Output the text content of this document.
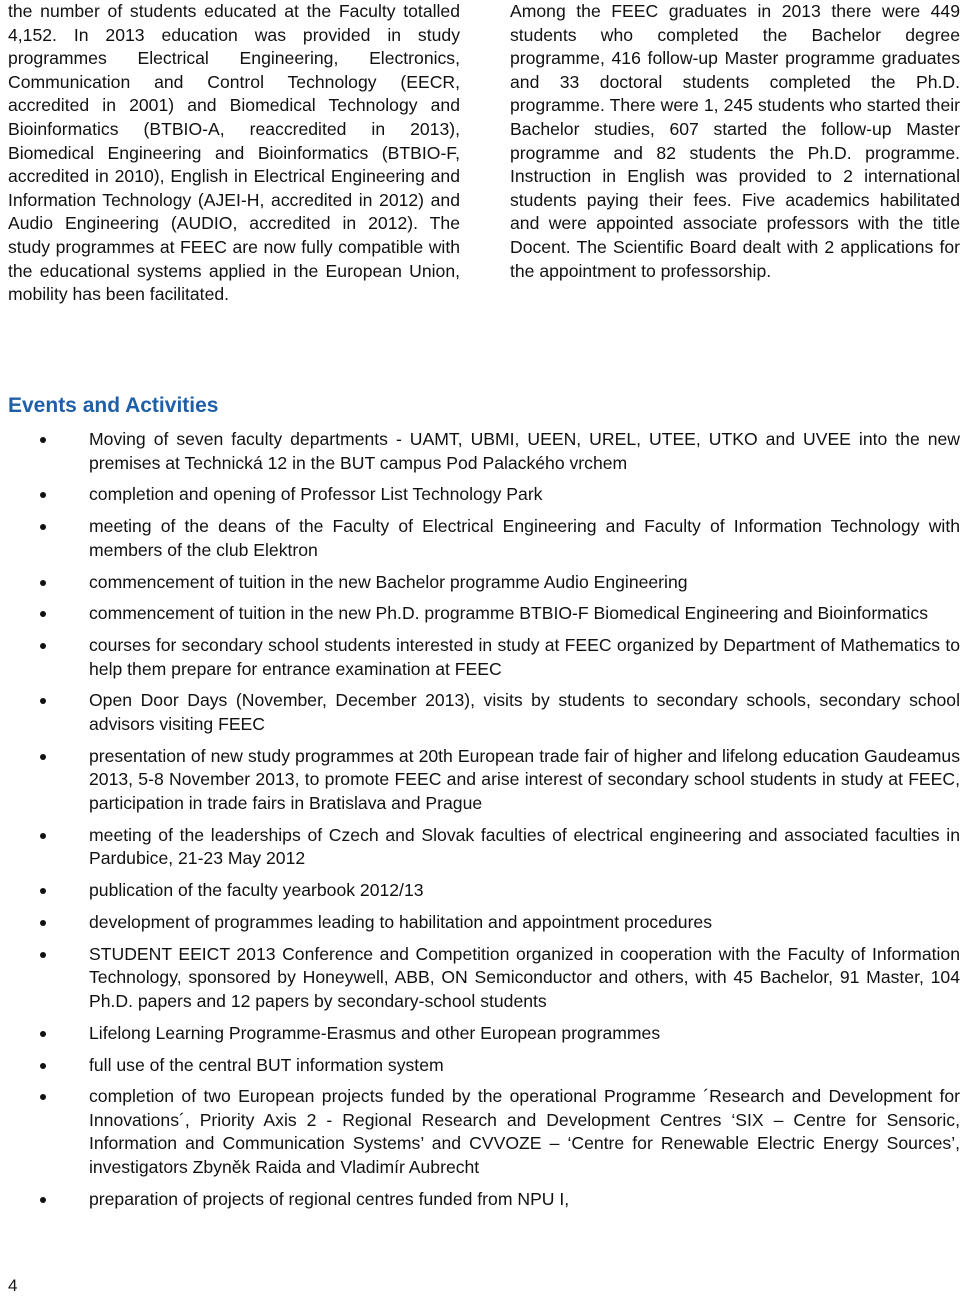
the number of students educated at the Faculty totalled 4,152. In 2013 education was provided in study programmes Electrical Engineering, Electronics, Communication and Control Technology (EECR, accredited in 2001) and Biomedical Technology and Bioinformatics (BTBIO-A, reaccredited in 2013), Biomedical Engineering and Bioinformatics (BTBIO-F, accredited in 2010), English in Electrical Engineering and Information Technology (AJEI-H, accredited in 2012) and Audio Engineering (AUDIO, accredited in 2012). The study programmes at FEEC are now fully compatible with the educational systems applied in the European Union, mobility has been facilitated.

Among the FEEC graduates in 2013 there were 449 students who completed the Bachelor degree programme, 416 follow-up Master programme graduates and 33 doctoral students completed the Ph.D. programme. There were 1, 245 students who started their Bachelor studies, 607 started the follow-up Master programme and 82 students the Ph.D. programme. Instruction in English was provided to 2 international students paying their fees. Five academics habilitated and were appointed associate professors with the title Docent. The Scientific Board dealt with 2 applications for the appointment to professorship.

Events and Activities
Moving of seven faculty departments - UAMT, UBMI, UEEN, UREL, UTEE, UTKO and UVEE into the new premises at Technická 12 in the BUT campus Pod Palackého vrchem
completion and opening of Professor List Technology Park
meeting of the deans of the Faculty of Electrical Engineering and Faculty of Information Technology with members of the club Elektron
commencement of tuition in the new Bachelor programme Audio Engineering
commencement of tuition in the new Ph.D. programme BTBIO-F Biomedical Engineering and Bioinformatics
courses for secondary school students interested in study at FEEC organized by Department of Mathematics to help them prepare for entrance examination at FEEC
Open Door Days (November, December 2013), visits by students to secondary schools, secondary school advisors visiting FEEC
presentation of new study programmes at 20th European trade fair of higher and lifelong education Gaudeamus 2013, 5-8 November 2013, to promote FEEC and arise interest of secondary school students in study at FEEC, participation in trade fairs in Bratislava and Prague
meeting of the leaderships of Czech and Slovak faculties of electrical engineering and associated faculties in Pardubice, 21-23 May 2012
publication of the faculty yearbook 2012/13
development of programmes leading to habilitation and appointment procedures
STUDENT EEICT 2013 Conference and Competition organized in cooperation with the Faculty of Information Technology, sponsored by Honeywell, ABB, ON Semiconductor and others, with 45 Bachelor, 91 Master, 104 Ph.D. papers and 12 papers by secondary-school students
Lifelong Learning Programme-Erasmus and other European programmes
full use of the central BUT information system
completion of two European projects funded by the operational Programme ´Research and Development for Innovations´, Priority Axis 2 - Regional Research and Development Centres ‘SIX – Centre for Sensoric, Information and Communication Systems’ and CVVOZE – ‘Centre for Renewable Electric Energy Sources’, investigators Zbyněk Raida and Vladimír Aubrecht
preparation of projects of regional centres funded from NPU I,
4
